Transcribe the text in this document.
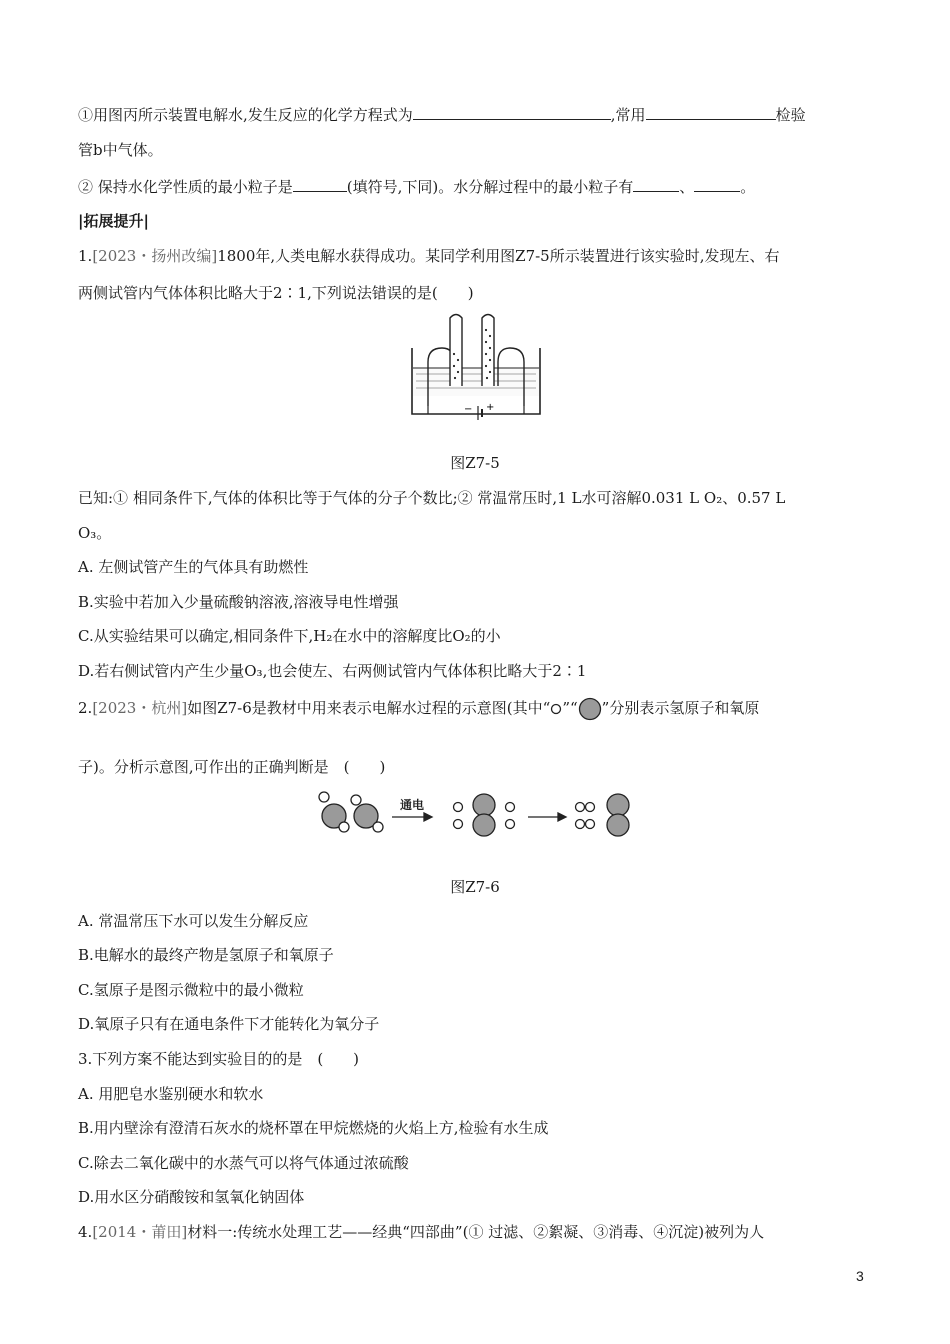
①用图丙所示装置电解水,发生反应的化学方程式为	,常用	检验
管b中气体。
② 保持水化学性质的最小粒子是	(填符号,下同)。水分解过程中的最小粒子有	、	。
|拓展提升|
1.[2023・扬州改编]1800年,人类电解水获得成功。某同学利用图Z7-5所示装置进行该实验时,发现左、右
两侧试管内气体体积比略大于2∶1,下列说法错误的是(　　)
− +
图Z7-5
已知:① 相同条件下,气体的体积比等于气体的分子个数比;② 常温常压时,1 L水可溶解0.031 L O₂、0.57 L
O₃。
A. 左侧试管产生的气体具有助燃性
B.实验中若加入少量硫酸钠溶液,溶液导电性增强
C.从实验结果可以确定,相同条件下,H₂在水中的溶解度比O₂的小
D.若右侧试管内产生少量O₃,也会使左、右两侧试管内气体体积比略大于2∶1
2.[2023・杭州]如图Z7-6是教材中用来表示电解水过程的示意图(其中“ ”“ ”分别表示氢原子和氧原
子)。分析示意图,可作出的正确判断是　(　　)
通电
图Z7-6
A. 常温常压下水可以发生分解反应
B.电解水的最终产物是氢原子和氧原子
C.氢原子是图示微粒中的最小微粒
D.氧原子只有在通电条件下才能转化为氧分子
3.下列方案不能达到实验目的的是　(　　)
A. 用肥皂水鉴别硬水和软水
B.用内壁涂有澄清石灰水的烧杯罩在甲烷燃烧的火焰上方,检验有水生成
C.除去二氧化碳中的水蒸气可以将气体通过浓硫酸
D.用水区分硝酸铵和氢氧化钠固体
4.[2014・莆田]材料一:传统水处理工艺——经典“四部曲”(① 过滤、②絮凝、③消毒、④沉淀)被列为人
3
